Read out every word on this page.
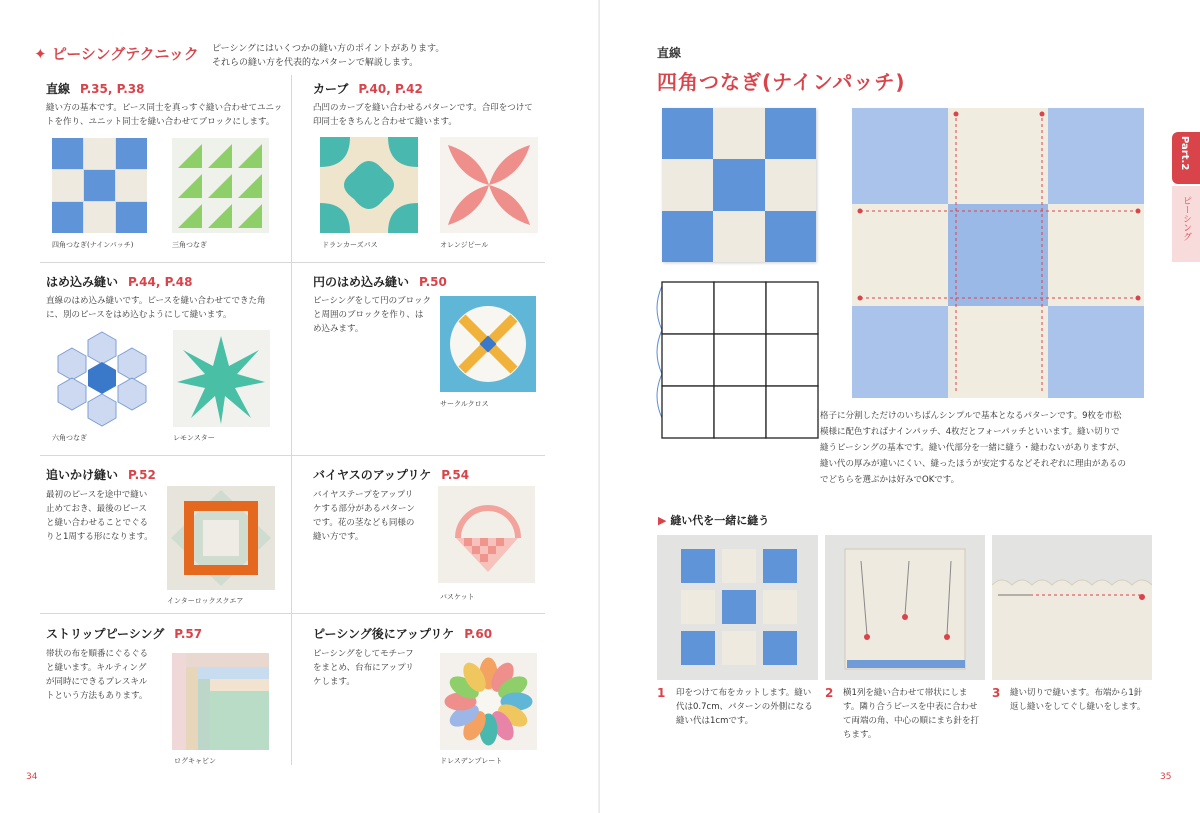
✦ ピーシングテクニック ピーシングにはいくつかの縫い方のポイントがあります。
それらの縫い方を代表的なパターンで解説します。
直線 P.35, P.38
縫い方の基本です。ピース同士を真っすぐ縫い合わせてユニッ
トを作り、ユニット同士を縫い合わせてブロックにします。
四角つなぎ(ナインパッチ)	三角つなぎ
カーブ P.40, P.42
凸凹のカーブを縫い合わせるパターンです。合印をつけて
印同士をきちんと合わせて縫います。
ドランカーズパス	オレンジピール
はめ込み縫い P.44, P.48
直線のはめ込み縫いです。ピースを縫い合わせてできた角
に、別のピースをはめ込むようにして縫います。
六角つなぎ	レモンスター
円のはめ込み縫い P.50
ピーシングをして円のブロック
と周囲のブロックを作り、は
め込みます。
サークルクロス
追いかけ縫い P.52
最初のピースを途中で縫い
止めておき、最後のピース
と縫い合わせることでぐる
りと1周する形になります。
インターロックスクエア
バイヤスのアップリケ P.54
バイヤステープをアップリ
ケする部分があるパターン
です。花の茎なども同様の
縫い方です。
バスケット
ストリップピーシング P.57
帯状の布を順番にぐるぐる
と縫います。キルティング
が同時にできるプレスキル
トという方法もあります。
ログキャビン
ピーシング後にアップリケ P.60
ピーシングをしてモチーフ
をまとめ、台布にアップリ
ケします。
ドレスデンプレート
34
直線
四角つなぎ(ナインパッチ)
格子に分割しただけのいちばんシンプルで基本となるパターンです。9枚を市松
模様に配色すればナインパッチ、4枚だとフォーパッチといいます。縫い切りで
縫うピーシングの基本です。縫い代部分を一緒に縫う・縫わないがありますが、
縫い代の厚みが違いにくい、縫ったほうが安定するなどそれぞれに理由があるの
でどちらを選ぶかは好みでOKです。
▶ 縫い代を一緒に縫う
1 印をつけて布をカットします。縫い
代は0.7cm、パターンの外側になる
縫い代は1cmです。
2 横1列を縫い合わせて帯状にしま
す。隣り合うピースを中表に合わせ
て両端の角、中心の順にまち針を打
ちます。
3 縫い切りで縫います。布端から1針
返し縫いをしてぐし縫いをします。
Part.2
ピーシング
35
